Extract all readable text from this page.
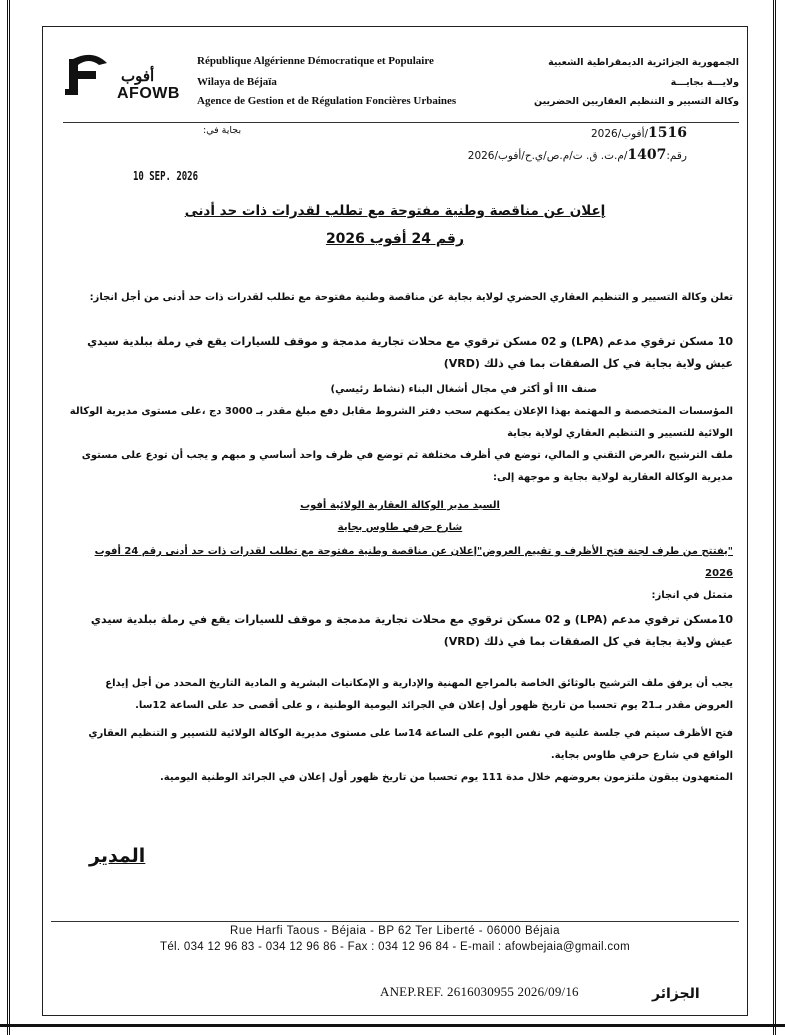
أفوب
AFOWB
République Algérienne Démocratique et Populaire
Wilaya de Béjaïa
Agence de Gestion et de Régulation Foncières Urbaines
الجمهورية الجزائرية الديمقراطية الشعبية
ولايـــة بجايـــة
وكالة التسيير و التنظيم العقاريين الحضريين
1516/أفوب/2026
رقم:1407/م.ت. ق. ت/م.ص/ي.ح/أفوب/2026
بجاية في:
10 SEP. 2026
إعلان عن مناقصة وطنية مفتوحة مع تطلب لقدرات ذات حد أدنى
رقم 24 أفوب 2026
تعلن وكالة التسيير و التنظيم العقاري الحضري لولاية بجاية عن مناقصة وطنية مفتوحة مع تطلب لقدرات ذات حد أدنى من أجل انجاز:
10 مسكن ترقوي مدعم (LPA) و 02 مسكن ترقوي مع محلات تجارية مدمجة و موقف للسيارات يقع في رملة ببلدية سيدي عيش ولاية بجاية في كل الصفقات بما في ذلك (VRD)
صنف III أو أكثر في مجال أشغال البناء (نشاط رئيسي)
المؤسسات المتخصصة و المهتمة بهذا الإعلان يمكنهم سحب دفتر الشروط مقابل دفع مبلغ مقدر بـ 3000 دج ،على مستوى مديرية الوكالة الولائية للتسيير و التنظيم العقاري لولاية بجاية
ملف الترشيح ،العرض التقني و المالي، توضع في أظرف مختلفة ثم توضع في ظرف واحد أساسي و مبهم و يجب أن تودع على مستوى مديرية الوكالة العقارية لولاية بجاية و موجهة إلى:
السيد مدير الوكالة العقارية الولائية أفوب
شارع حرفي طاوس بجاية
"يفتتح من طرف لجنة فتح الأظرف و تقييم العروض"إعلان عن مناقصة وطنية مفتوحة مع تطلب لقدرات ذات حد أدنى رقم 24 أفوب 2026
متمثل في انجاز:
10مسكن ترقوي مدعم (LPA) و 02 مسكن ترقوي مع محلات تجارية مدمجة و موقف للسيارات يقع في رملة ببلدية سيدي عيش ولاية بجاية في كل الصفقات بما في ذلك (VRD)
يجب أن يرفق ملف الترشيح بالوثائق الخاصة بالمراجع المهنية والإدارية و الإمكانيات البشرية و المادية التاريخ المحدد من أجل إيداع العروض مقدر بـ21 يوم تحسبا من تاريخ ظهور أول إعلان في الجرائد اليومية الوطنية ، و على أقصى حد على الساعة 12سا.
فتح الأظرف سيتم في جلسة علنية في نفس اليوم على الساعة 14سا على مستوى مديرية الوكالة الولائية للتسيير و التنظيم العقاري الواقع في شارع حرفي طاوس بجاية.
المتعهدون يبقون ملتزمون بعروضهم خلال مدة 111 يوم تحسبا من تاريخ ظهور أول إعلان في الجرائد الوطنية اليومية.
المدير
Rue Harfi Taous - Béjaia - BP 62 Ter Liberté - 06000 Béjaia
Tél. 034 12 96 83 - 034 12 96 86 - Fax : 034 12 96 84 - E-mail : afowbejaia@gmail.com
ANEP.REF. 2616030955 2026/09/16	الجزائر
